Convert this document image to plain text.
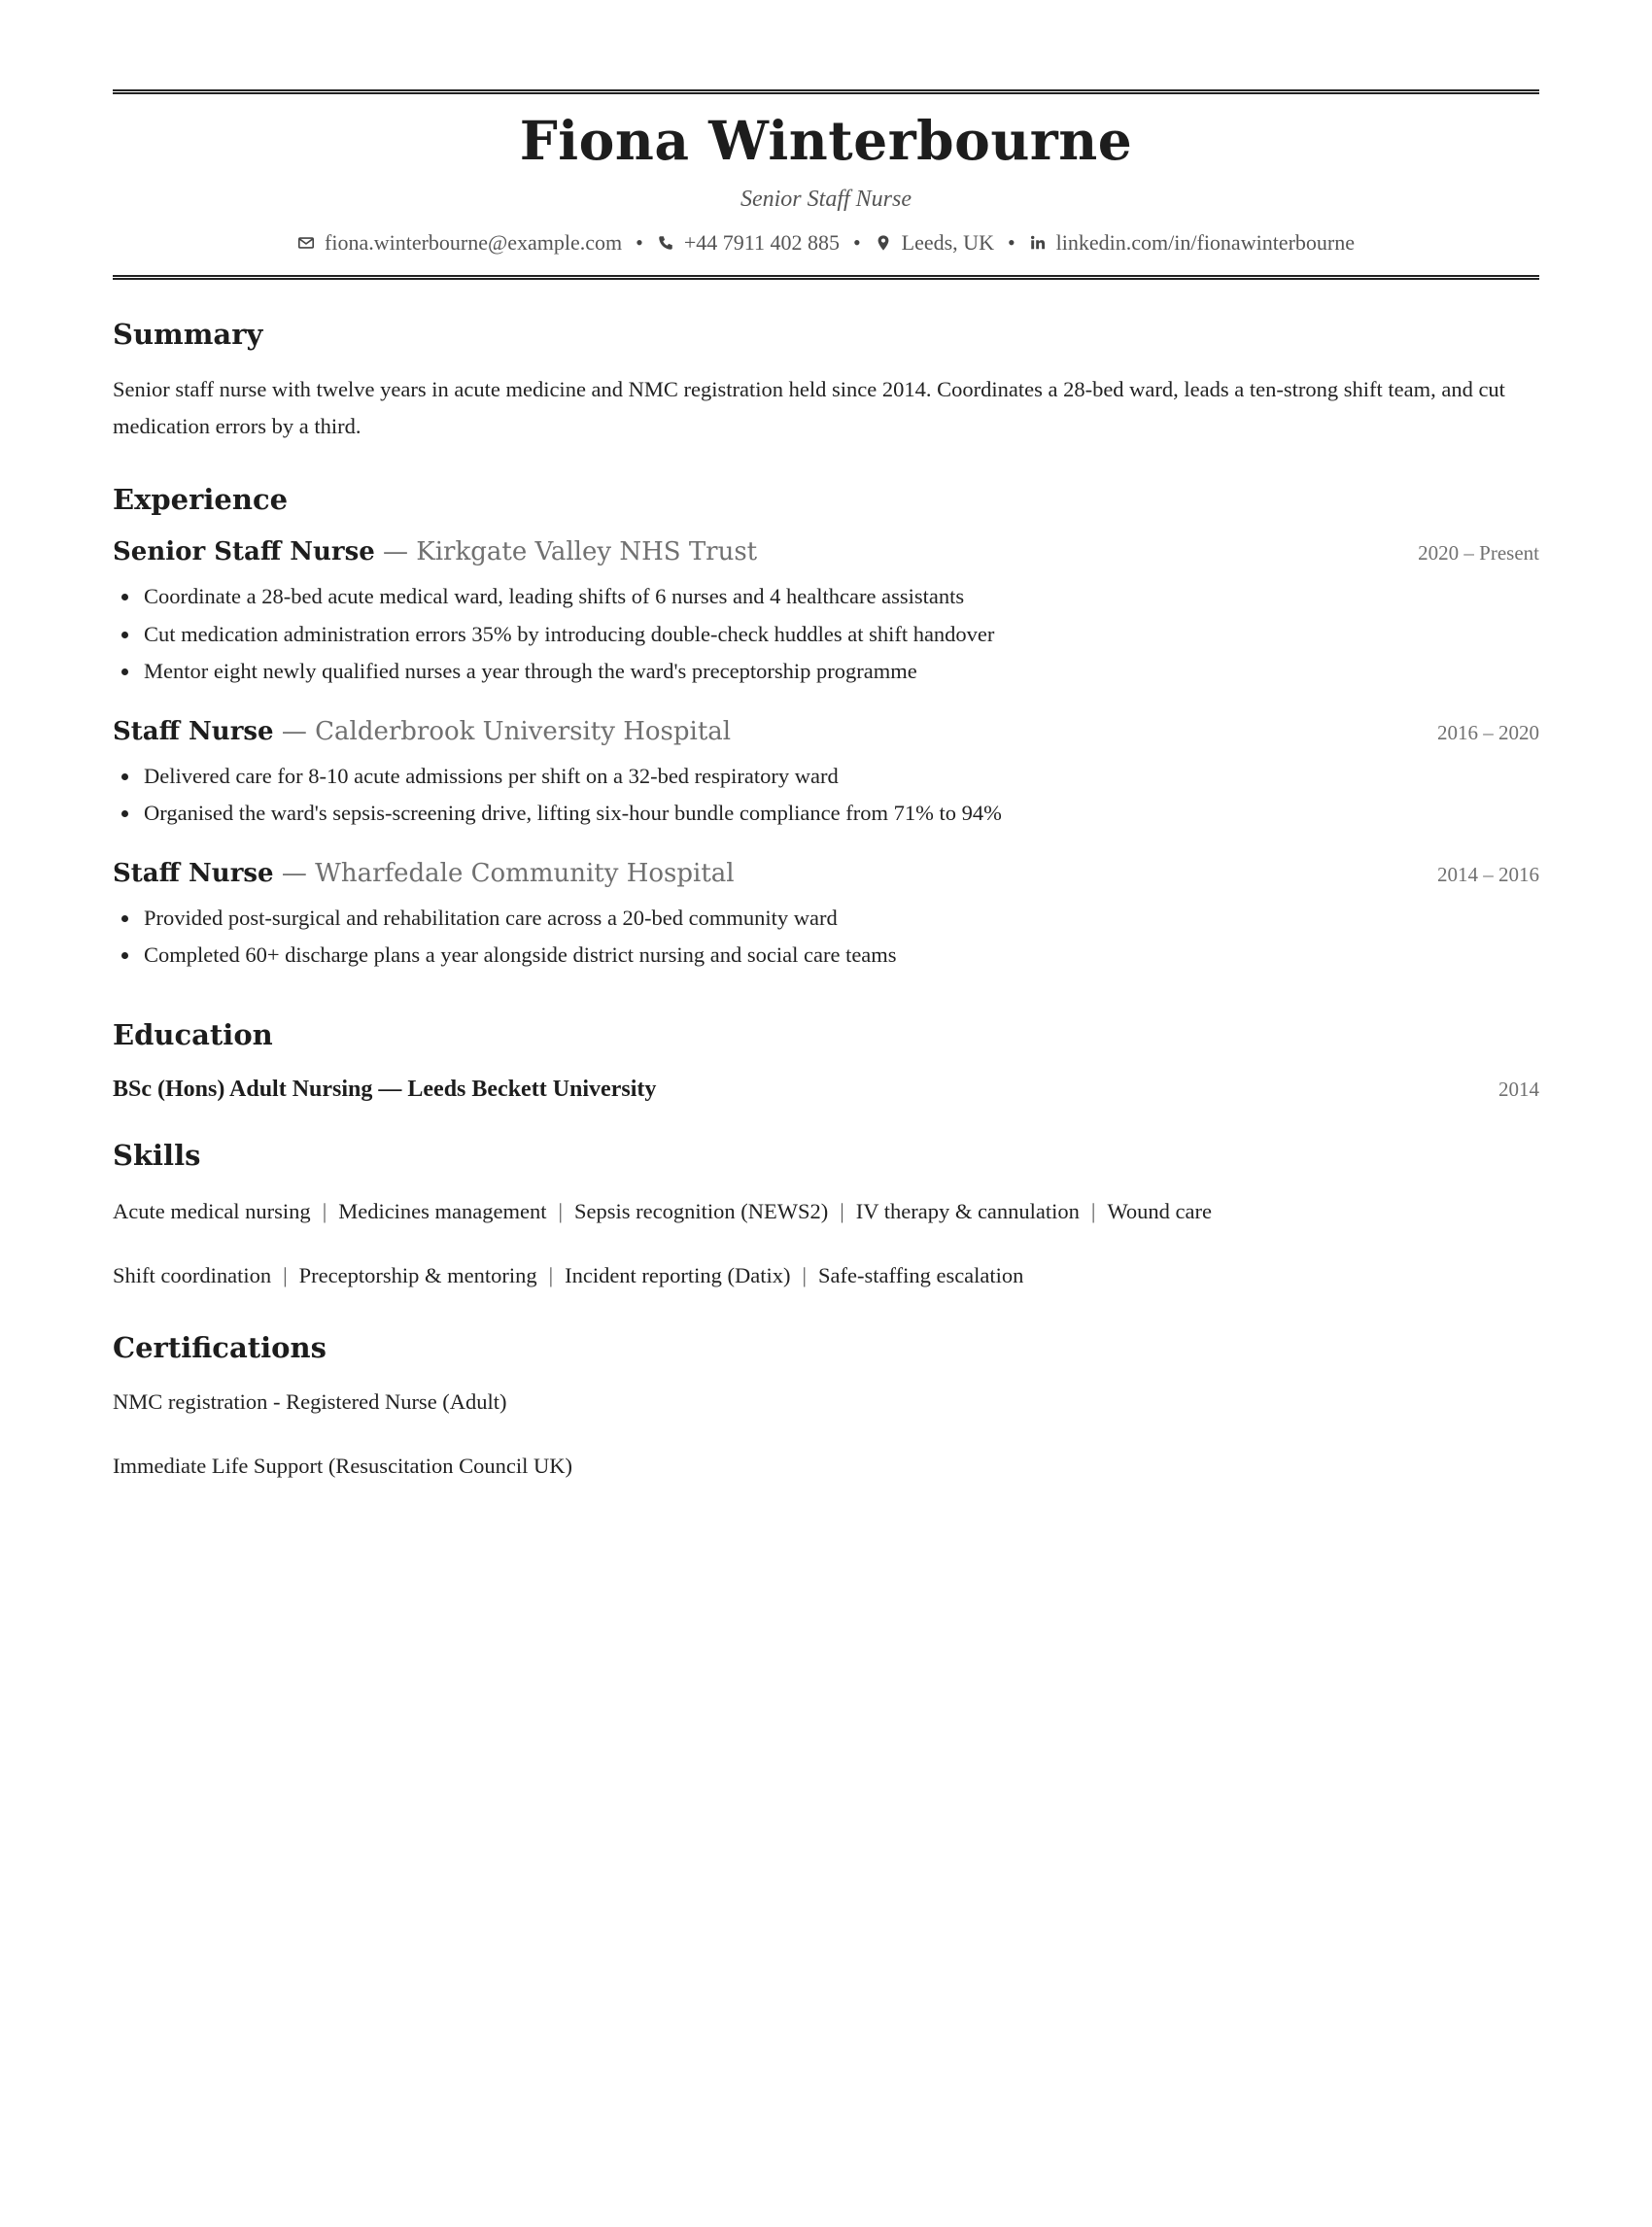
Fiona Winterbourne
Senior Staff Nurse
fiona.winterbourne@example.com • +44 7911 402 885 • Leeds, UK • linkedin.com/in/fionawinterbourne
Summary

Senior staff nurse with twelve years in acute medicine and NMC registration held since 2014. Coordinates a 28-bed ward, leads a ten-strong shift team, and cut medication errors by a third.

Experience
Senior Staff Nurse — Kirkgate Valley NHS Trust	2020 – Present
Coordinate a 28-bed acute medical ward, leading shifts of 6 nurses and 4 healthcare assistants
Cut medication administration errors 35% by introducing double-check huddles at shift handover
Mentor eight newly qualified nurses a year through the ward's preceptorship programme
Staff Nurse — Calderbrook University Hospital	2016 – 2020
Delivered care for 8-10 acute admissions per shift on a 32-bed respiratory ward
Organised the ward's sepsis-screening drive, lifting six-hour bundle compliance from 71% to 94%
Staff Nurse — Wharfedale Community Hospital	2014 – 2016
Provided post-surgical and rehabilitation care across a 20-bed community ward
Completed 60+ discharge plans a year alongside district nursing and social care teams
Education
BSc (Hons) Adult Nursing — Leeds Beckett University	2014
Skills
Acute medical nursing | Medicines management | Sepsis recognition (NEWS2) | IV therapy & cannulation | Wound care
Shift coordination | Preceptorship & mentoring | Incident reporting (Datix) | Safe-staffing escalation
Certifications
NMC registration - Registered Nurse (Adult)
Immediate Life Support (Resuscitation Council UK)
